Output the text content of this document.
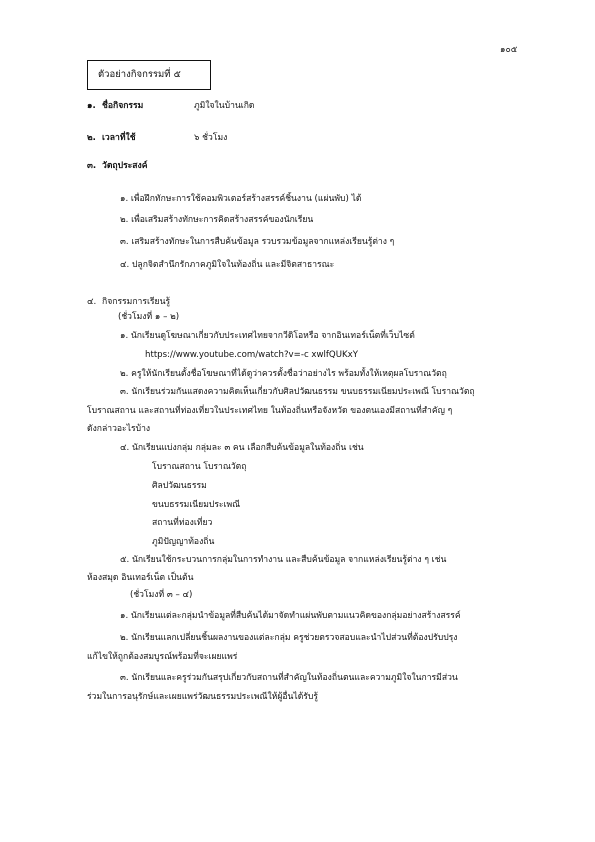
๑๐๕
ตัวอย่างกิจกรรมที่ ๕
๑. ชื่อกิจกรรม	ภูมิใจในบ้านเกิด
๒. เวลาที่ใช้	๖ ชั่วโมง
๓. วัตถุประสงค์
๑. เพื่อฝึกทักษะการใช้คอมพิวเตอร์สร้างสรรค์ชิ้นงาน (แผ่นพับ) ได้
๒. เพื่อเสริมสร้างทักษะการคิดสร้างสรรค์ของนักเรียน
๓. เสริมสร้างทักษะในการสืบค้นข้อมูล รวบรวมข้อมูลจากแหล่งเรียนรู้ต่าง ๆ
๔. ปลูกจิตสำนึกรักภาคภูมิใจในท้องถิ่น และมีจิตสาธารณะ
๔. กิจกรรมการเรียนรู้
(ชั่วโมงที่ ๑ – ๒)
๑. นักเรียนดูโฆษณาเกี่ยวกับประเทศไทยจากวีดิโอหรือ จากอินเทอร์เน็ตที่เว็บไซต์
https://www.youtube.com/watch?v=-c xwlfQUKxY
๒. ครูให้นักเรียนตั้งชื่อโฆษณาที่ได้ดูว่าควรตั้งชื่อว่าอย่างไร พร้อมทั้งให้เหตุผลโบราณวัตถุ
๓. นักเรียนร่วมกันแสดงความคิดเห็นเกี่ยวกับศิลปวัฒนธรรม ขนบธรรมเนียมประเพณี โบราณวัตถุ
โบราณสถาน และสถานที่ท่องเที่ยวในประเทศไทย ในท้องถิ่นหรือจังหวัด ของตนเองมีสถานที่สำคัญ ๆ
ดังกล่าวอะไรบ้าง
๔. นักเรียนแบ่งกลุ่ม กลุ่มละ ๓ คน เลือกสืบค้นข้อมูลในท้องถิ่น เช่น
โบราณสถาน โบราณวัตถุ
ศิลปวัฒนธรรม
ขนบธรรมเนียมประเพณี
สถานที่ท่องเที่ยว
ภูมิปัญญาท้องถิ่น
๕. นักเรียนใช้กระบวนการกลุ่มในการทำงาน และสืบค้นข้อมูล จากแหล่งเรียนรู้ต่าง ๆ เช่น
ห้องสมุด อินเทอร์เน็ต เป็นต้น
(ชั่วโมงที่ ๓ – ๔)
๑. นักเรียนแต่ละกลุ่มนำข้อมูลที่สืบค้นได้มาจัดทำแผ่นพับตามแนวคิดของกลุ่มอย่างสร้างสรรค์
๒. นักเรียนแลกเปลี่ยนชิ้นผลงานของแต่ละกลุ่ม ครูช่วยตรวจสอบและนำไปส่วนที่ต้องปรับปรุง
แก้ไขให้ถูกต้องสมบูรณ์พร้อมที่จะเผยแพร่
๓. นักเรียนและครูร่วมกันสรุปเกี่ยวกับสถานที่สำคัญในท้องถิ่นตนและความภูมิใจในการมีส่วน
ร่วมในการอนุรักษ์และเผยแพร่วัฒนธรรมประเพณีให้ผู้อื่นได้รับรู้
